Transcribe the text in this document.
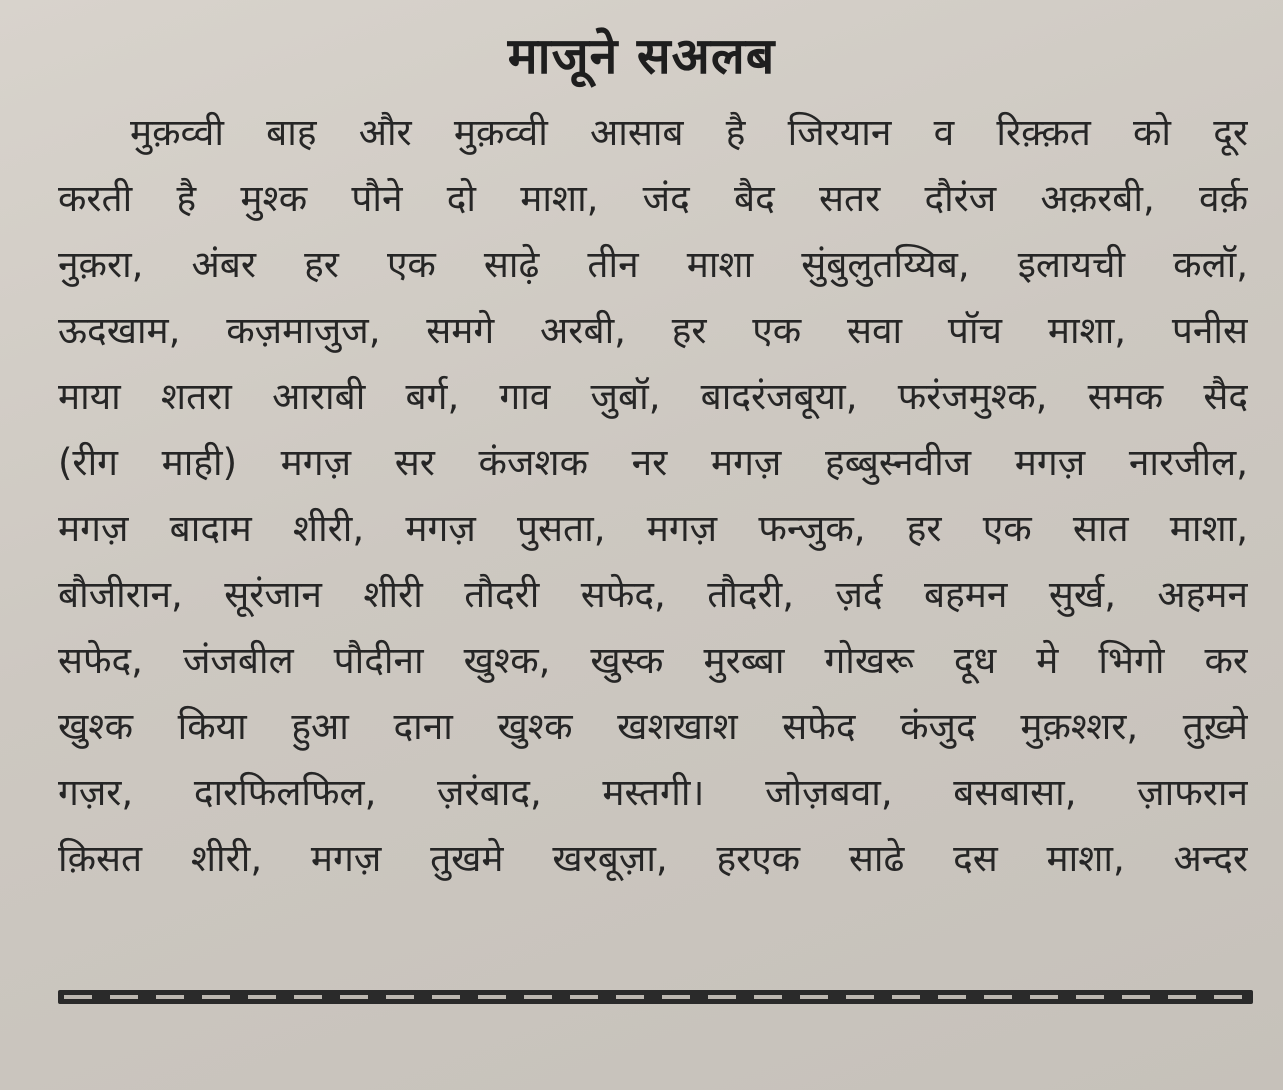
माजूने सअलब
मुक़व्वी बाह और मुक़व्वी आसाब है जिरयान व रिक़्क़त को दूर
करती है मुश्क पौने दो माशा, जंद बैद सतर दौरंज अक़रबी, वर्क़
नुक़रा, अंबर हर एक साढ़े तीन माशा सुंबुलुतय्यिब, इलायची कलॉ,
ऊदखाम, कज़माजुज, समगे अरबी, हर एक सवा पॉच माशा, पनीस
माया शतरा आराबी बर्ग, गाव जुबॉ, बादरंजबूया, फरंजमुश्क, समक सैद
(रीग माही) मगज़ सर कंजशक नर मगज़ हब्बुस्नवीज मगज़ नारजील,
मगज़ बादाम शीरी, मगज़ पुसता, मगज़ फन्जुक, हर एक सात माशा,
बौजीरान, सूरंजान शीरी तौदरी सफेद, तौदरी, ज़र्द बहमन सुर्ख, अहमन
सफेद, जंजबील पौदीना खुश्क, खुस्क मुरब्बा गोखरू दूध मे भिगो कर
खुश्क किया हुआ दाना खुश्क खशखाश सफेद कंजुद मुक़श्शर, तुख़्मे
गज़र, दारफिलफिल, ज़रंबाद, मस्तगी। जोज़बवा, बसबासा, ज़ाफरान
क़िसत शीरी, मगज़ तुखमे खरबूज़ा, हरएक साढे दस माशा, अन्दर
